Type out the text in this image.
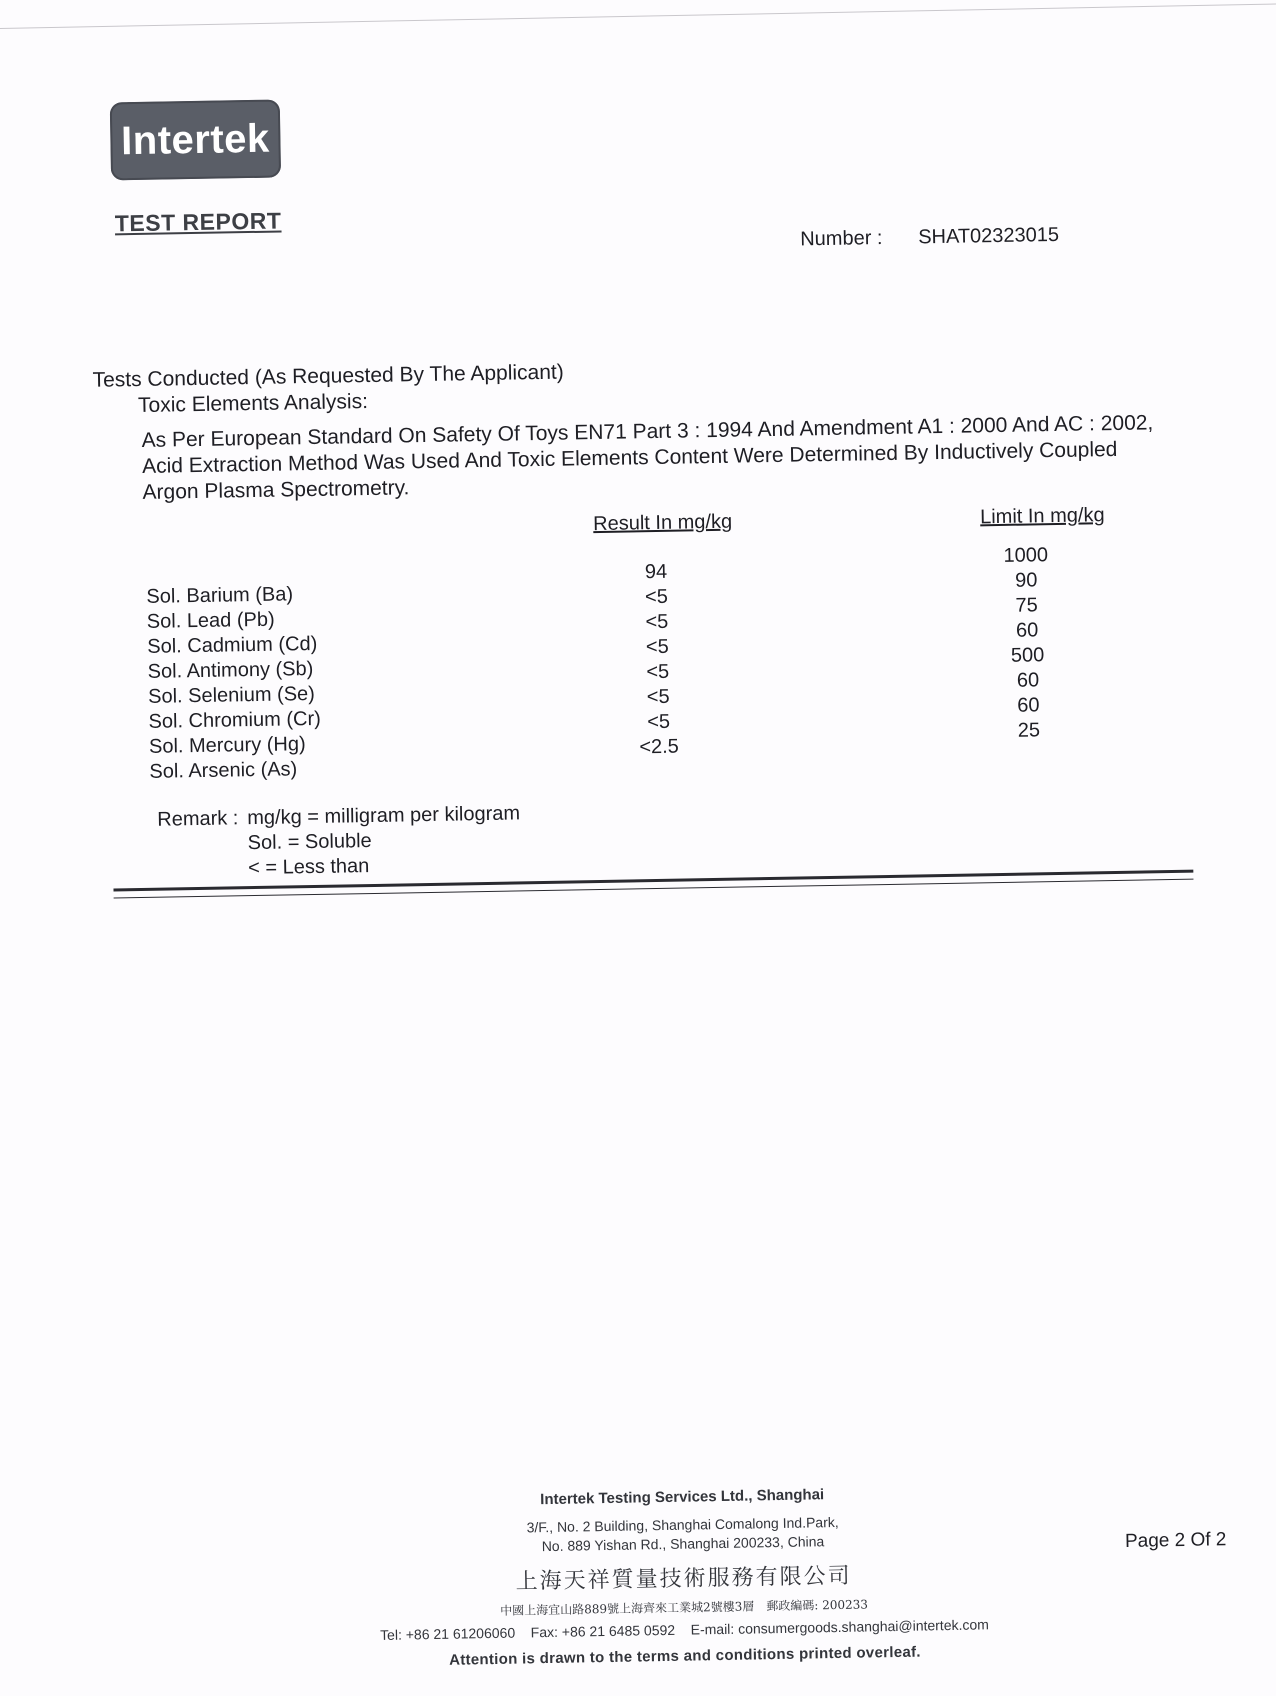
Intertek
TEST REPORT
Number : SHAT02323015
Tests Conducted (As Requested By The Applicant)
Toxic Elements Analysis:
As Per European Standard On Safety Of Toys EN71 Part 3 : 1994 And Amendment A1 : 2000 And AC : 2002, Acid Extraction Method Was Used And Toxic Elements Content Were Determined By Inductively Coupled Argon Plasma Spectrometry.
Result In mg/kg	Limit In mg/kg
Sol. Barium (Ba)
94
1000
Sol. Lead (Pb)
<5
90
Sol. Cadmium (Cd)
<5
75
Sol. Antimony (Sb)
<5
60
Sol. Selenium (Se)
<5
500
Sol. Chromium (Cr)
<5
60
Sol. Mercury (Hg)
<5
60
Sol. Arsenic (As)
<2.5
25
Remark : mg/kg = milligram per kilogram
Sol. = Soluble
< = Less than
Intertek Testing Services Ltd., Shanghai
3/F., No. 2 Building, Shanghai Comalong Ind.Park,
No. 889 Yishan Rd., Shanghai 200233, China
上海天祥質量技術服務有限公司
中國上海宜山路889號上海齊來工業城2號樓3層　郵政編碼: 200233
Tel: +86 21 61206060 Fax: +86 21 6485 0592 E-mail: consumergoods.shanghai@intertek.com
Attention is drawn to the terms and conditions printed overleaf.
Page 2 Of 2
